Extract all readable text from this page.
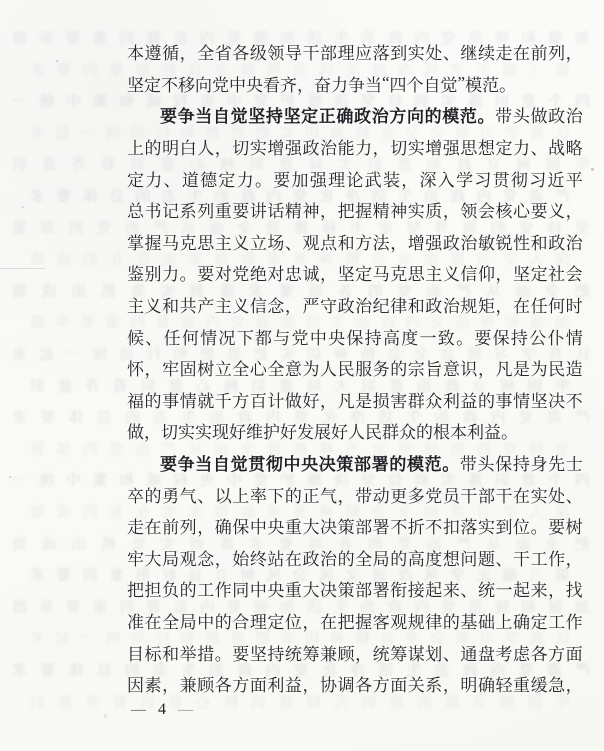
加
强
和
规
范
党
内
政
治
生
活
加
强
党
内
监
督
的
重
要
举
措
第
三
端
正
学
风
改
进
文
风
会
风
树
立
良
好
形
象
的
要
求
四
个
意
识
落
实
到
位
坚
决
维
护
党
中
央
权
威
和
集
中
统
一
认
真
学
习
领
会
全
会
精
神
切
实
把
思
想
和
行
动
统
一
起
来
牢
固
树
立
政
治
意
识
大
局
意
识
核
心
意
识
看
齐
意
识
严
肃
党
内
政
治
生
活
净
化
党
内
政
治
生
态
的
总
体
要
求
坚
持
党
的
领
导
坚
定
不
移
推
进
全
面
从
严
治
党
的
部
署
深
入
学
习
贯
彻
全
会
精
神
务
求
取
得
实
实
在
在
的
成
效
把
全
面
从
严
治
党
的
各
项
要
求
落
到
实
处
抓
出
成
效
加
强
和
规
范
党
内
政
治
生
活
加
强
党
内
监
督
的
重
要
举
措
认
真
学
习
领
会
全
会
精
神
切
实
把
思
想
和
行
动
统
一
起
来
牢
固
树
立
政
治
意
识
大
局
意
识
核
心
意
识
看
齐
意
识
严
肃
党
内
政
治
生
活
净
化
党
内
政
治
生
态
的
总
体
要
求
坚
持
党
的
领
导
坚
定
不
移
推
进
全
面
从
严
治
党
的
部
署
四
个
意
识
落
实
到
位
坚
决
维
护
党
中
央
权
威
和
集
中
统
一
深
入
学
习
贯
彻
全
会
精
神
务
求
取
得
实
实
在
在
的
成
效
把
全
面
从
严
治
党
的
各
项
要
求
落
到
实
处
抓
出
成
效
第
三
端
正
学
风
改
进
文
风
会
风
树
立
良
好
形
象
的
要
求
加
强
和
规
范
党
内
政
治
生
活
加
强
党
内
监
督
的
重
要
举
措
认
真
学
习
领
会
全
会
精
神
切
实
把
思
想
和
行
动
统
一
起
来
严
肃
党
内
政
治
生
活
净
化
党
内
政
治
生
态
的
总
体
要
求
牢
固
树
立
政
治
意
识
大
局
意
识
核
心
意
识
看
齐
意
识
本 遵 循 ， 全 省 各 级 领 导 干 部 理 应 落 到 实 处 、 继 续 走 在 前 列 ，
坚 定 不 移 向 党 中 央 看 齐 ， 奋 力 争 当 “ 四 个 自 觉 ” 模 范 。
要 争 当 自 觉 坚 持 坚 定 正 确 政 治 方 向 的 模 范 。 带 头 做 政 治
上 的 明 白 人 ， 切 实 增 强 政 治 能 力 ， 切 实 增 强 思 想 定 力 、 战 略
定 力 、 道 德 定 力 。 要 加 强 理 论 武 装 ， 深 入 学 习 贯 彻 习 近 平
总 书 记 系 列 重 要 讲 话 精 神 ， 把 握 精 神 实 质 ， 领 会 核 心 要 义 ，
掌 握 马 克 思 主 义 立 场 、 观 点 和 方 法 ， 增 强 政 治 敏 锐 性 和 政 治
鉴 别 力 。 要 对 党 绝 对 忠 诚 ， 坚 定 马 克 思 主 义 信 仰 ， 坚 定 社 会
主 义 和 共 产 主 义 信 念 ， 严 守 政 治 纪 律 和 政 治 规 矩 ， 在 任 何 时
候 、 任 何 情 况 下 都 与 党 中 央 保 持 高 度 一 致 。 要 保 持 公 仆 情
怀 ， 牢 固 树 立 全 心 全 意 为 人 民 服 务 的 宗 旨 意 识 ， 凡 是 为 民 造
福 的 事 情 就 千 方 百 计 做 好 ， 凡 是 损 害 群 众 利 益 的 事 情 坚 决 不
做 ， 切 实 实 现 好 维 护 好 发 展 好 人 民 群 众 的 根 本 利 益 。
要 争 当 自 觉 贯 彻 中 央 决 策 部 署 的 模 范 。 带 头 保 持 身 先 士
卒 的 勇 气 、 以 上 率 下 的 正 气 ， 带 动 更 多 党 员 干 部 干 在 实 处 、
走 在 前 列 ， 确 保 中 央 重 大 决 策 部 署 不 折 不 扣 落 实 到 位 。 要 树
牢 大 局 观 念 ， 始 终 站 在 政 治 的 全 局 的 高 度 想 问 题 、 干 工 作 ，
把 担 负 的 工 作 同 中 央 重 大 决 策 部 署 衔 接 起 来 、 统 一 起 来 ， 找
准 在 全 局 中 的 合 理 定 位 ， 在 把 握 客 观 规 律 的 基 础 上 确 定 工 作
目 标 和 举 措 。 要 坚 持 统 筹 兼 顾 ， 统 筹 谋 划 、 通 盘 考 虑 各 方 面
因 素 ， 兼 顾 各 方 面 利 益 ， 协 调 各 方 面 关 系 ， 明 确 轻 重 缓 急 ，
— 4 —
